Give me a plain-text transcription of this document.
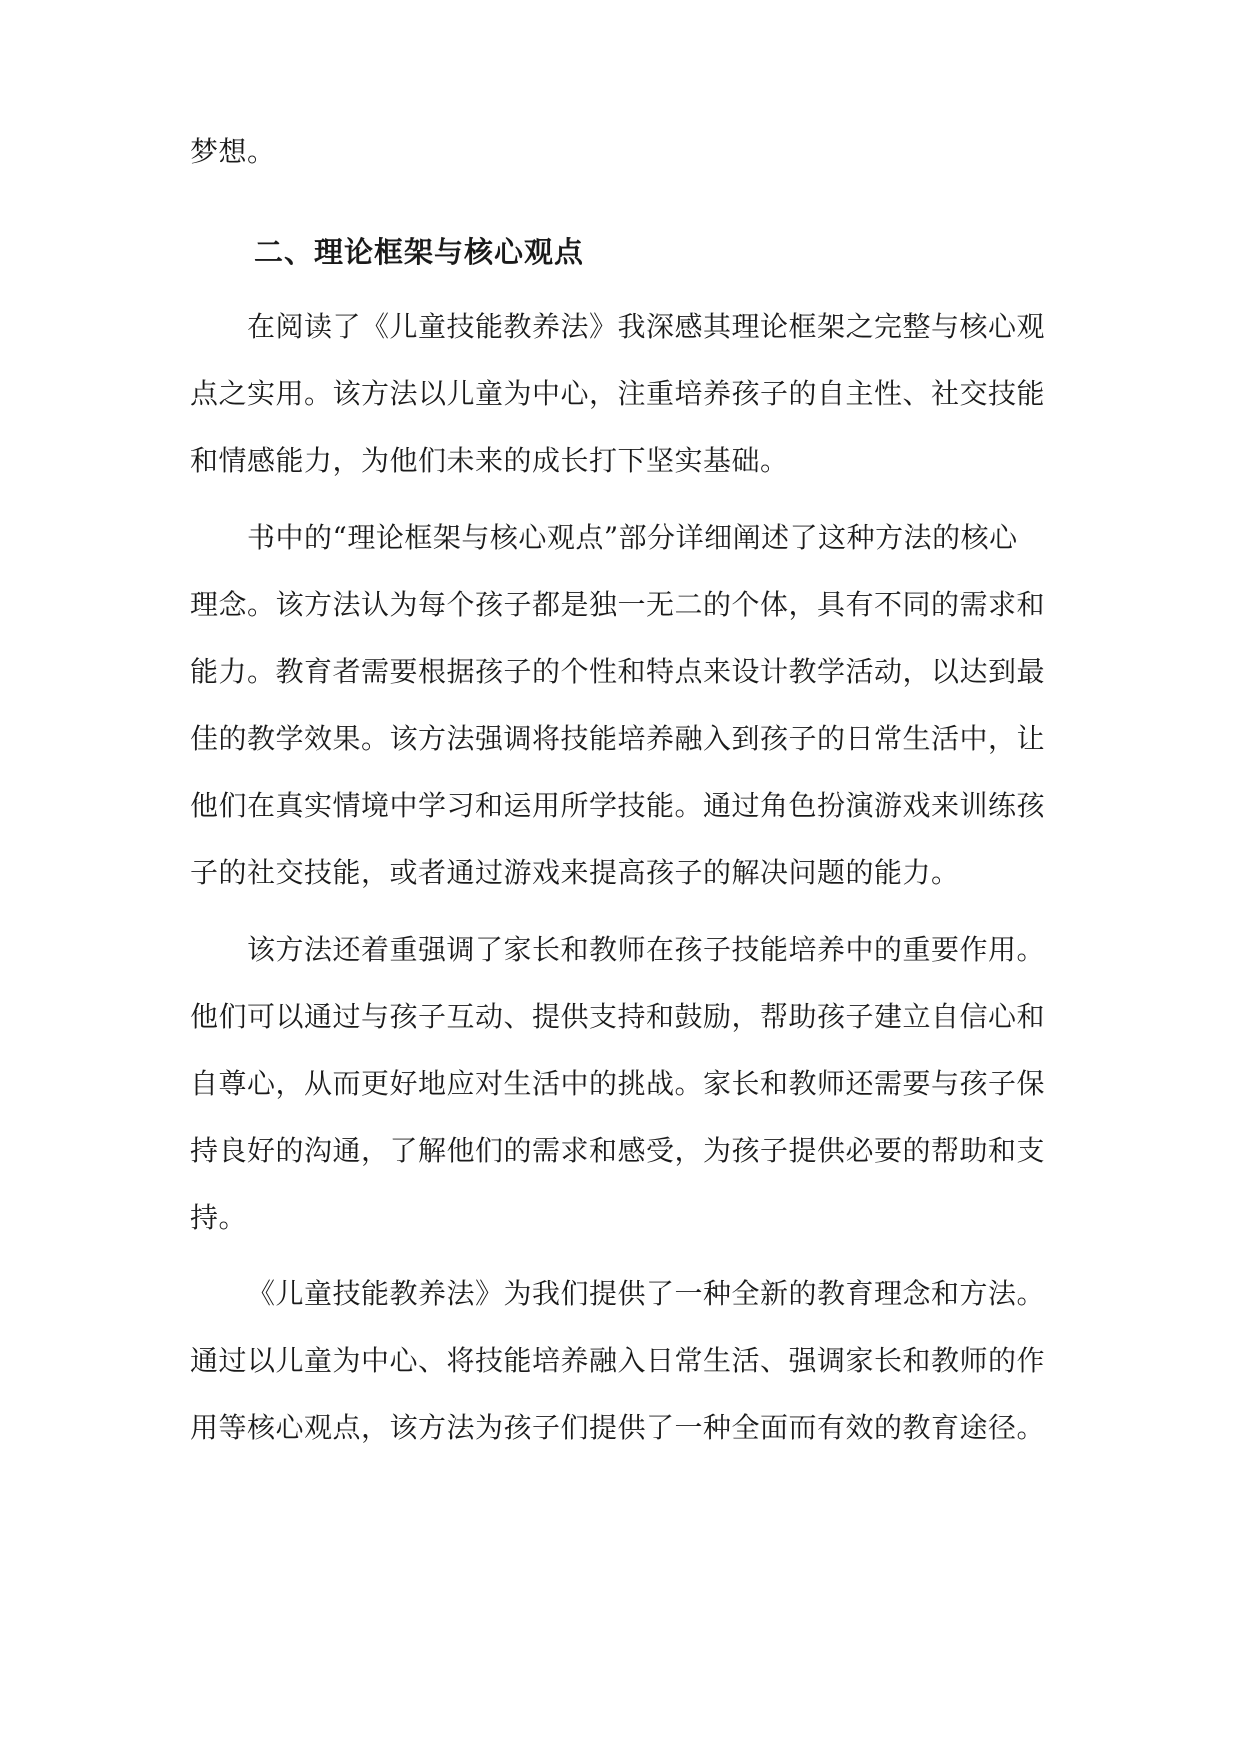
梦想。
二、理论框架与核心观点
在阅读了《儿童技能教养法》我深感其理论框架之完整与核心观
点之实用。该方法以儿童为中心，注重培养孩子的自主性、社交技能
和情感能力，为他们未来的成长打下坚实基础。
书中的“理论框架与核心观点”部分详细阐述了这种方法的核心
理念。该方法认为每个孩子都是独一无二的个体，具有不同的需求和
能力。教育者需要根据孩子的个性和特点来设计教学活动，以达到最
佳的教学效果。该方法强调将技能培养融入到孩子的日常生活中，让
他们在真实情境中学习和运用所学技能。通过角色扮演游戏来训练孩
子的社交技能，或者通过游戏来提高孩子的解决问题的能力。
该方法还着重强调了家长和教师在孩子技能培养中的重要作用。
他们可以通过与孩子互动、提供支持和鼓励，帮助孩子建立自信心和
自尊心，从而更好地应对生活中的挑战。家长和教师还需要与孩子保
持良好的沟通，了解他们的需求和感受，为孩子提供必要的帮助和支
持。
《儿童技能教养法》为我们提供了一种全新的教育理念和方法。
通过以儿童为中心、将技能培养融入日常生活、强调家长和教师的作
用等核心观点，该方法为孩子们提供了一种全面而有效的教育途径。
